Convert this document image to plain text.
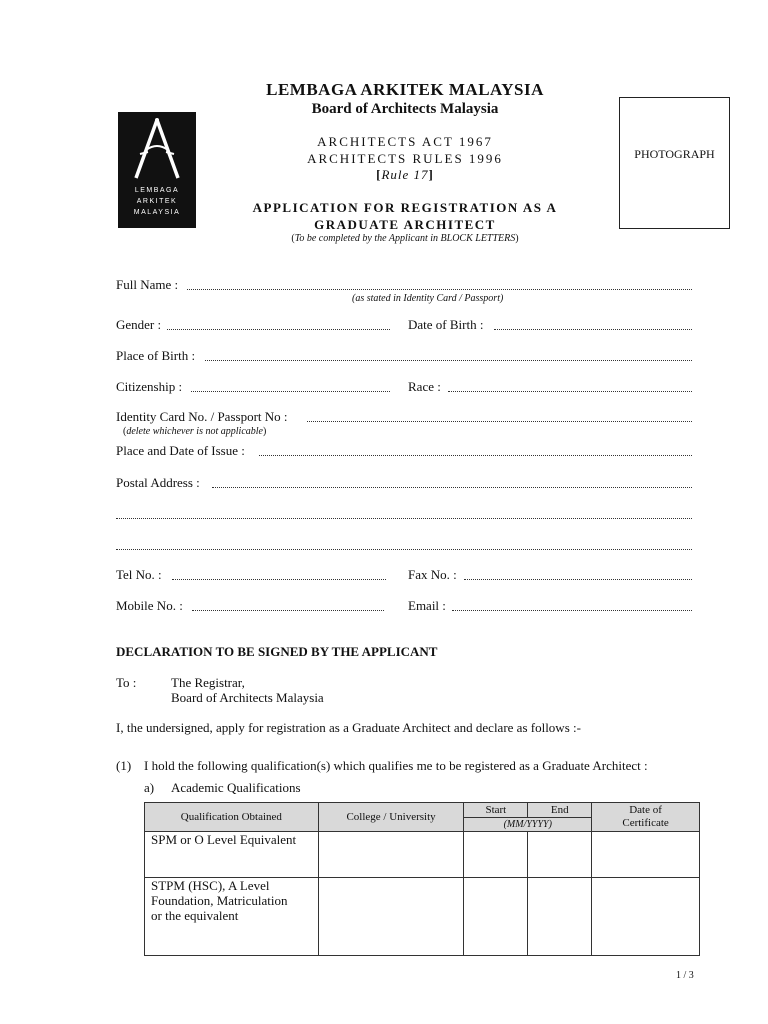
LEMBAGA
ARKITEK
MALAYSIA
LEMBAGA ARKITEK MALAYSIA
Board of Architects Malaysia
ARCHITECTS ACT 1967
ARCHITECTS RULES 1996
[Rule 17]
APPLICATION FOR REGISTRATION AS A
GRADUATE ARCHITECT
(To be completed by the Applicant in BLOCK LETTERS)
PHOTOGRAPH
Full Name :
(as stated in Identity Card / Passport)
Gender :	Date of Birth :
Place of Birth :
Citizenship :	Race :
Identity Card No. / Passport No :
(delete whichever is not applicable)
Place and Date of Issue :
Postal Address :
Tel No. :	Fax No. :
Mobile No. :	Email :
DECLARATION TO BE SIGNED BY THE APPLICANT
To :	The Registrar,
Board of Architects Malaysia
I, the undersigned, apply for registration as a Graduate Architect and declare as follows :-
(1) I hold the following qualification(s) which qualifies me to be registered as a Graduate Architect :
a) Academic Qualifications
Qualification Obtained	College / University	Start	End	Date of
Certificate

		(MM/YYYY)		
SPM or O Level Equivalent				

STPM (HSC), A Level
Foundation, Matriculation
or the equivalent				

1 / 3
